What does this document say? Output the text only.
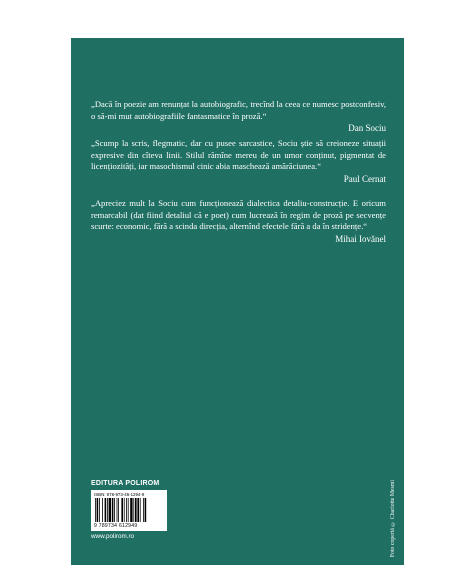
„Dacă în poezie am renunțat la autobiografic, trecînd la ceea ce numesc postconfesiv, o să-mi mut autobiografiile fantasmatice în proză.“
Dan Sociu
„Scump la scris, flegmatic, dar cu pusee sarcastice, Sociu știe să creioneze situații expresive din cîteva linii. Stilul rămîne mereu de un umor conținut, pigmentat de licențiozități, iar masochismul cinic abia maschează amărăciunea.“
Paul Cernat
„Apreciez mult la Sociu cum funcționează dialectica detaliu-construcție. E oricum remarcabil (dat fiind detaliul că e poet) cum lucrează în regim de proză pe secvențe scurte: economic, fără a scinda direcția, alternînd efectele fără a da în stridențe.“
Mihai Iovănel
EDITURA POLIROM
ISBN: 978-973-46-1294-9
9 789734 612949
www.polirom.ro	Foto copertă © Charlotte Mesmi
